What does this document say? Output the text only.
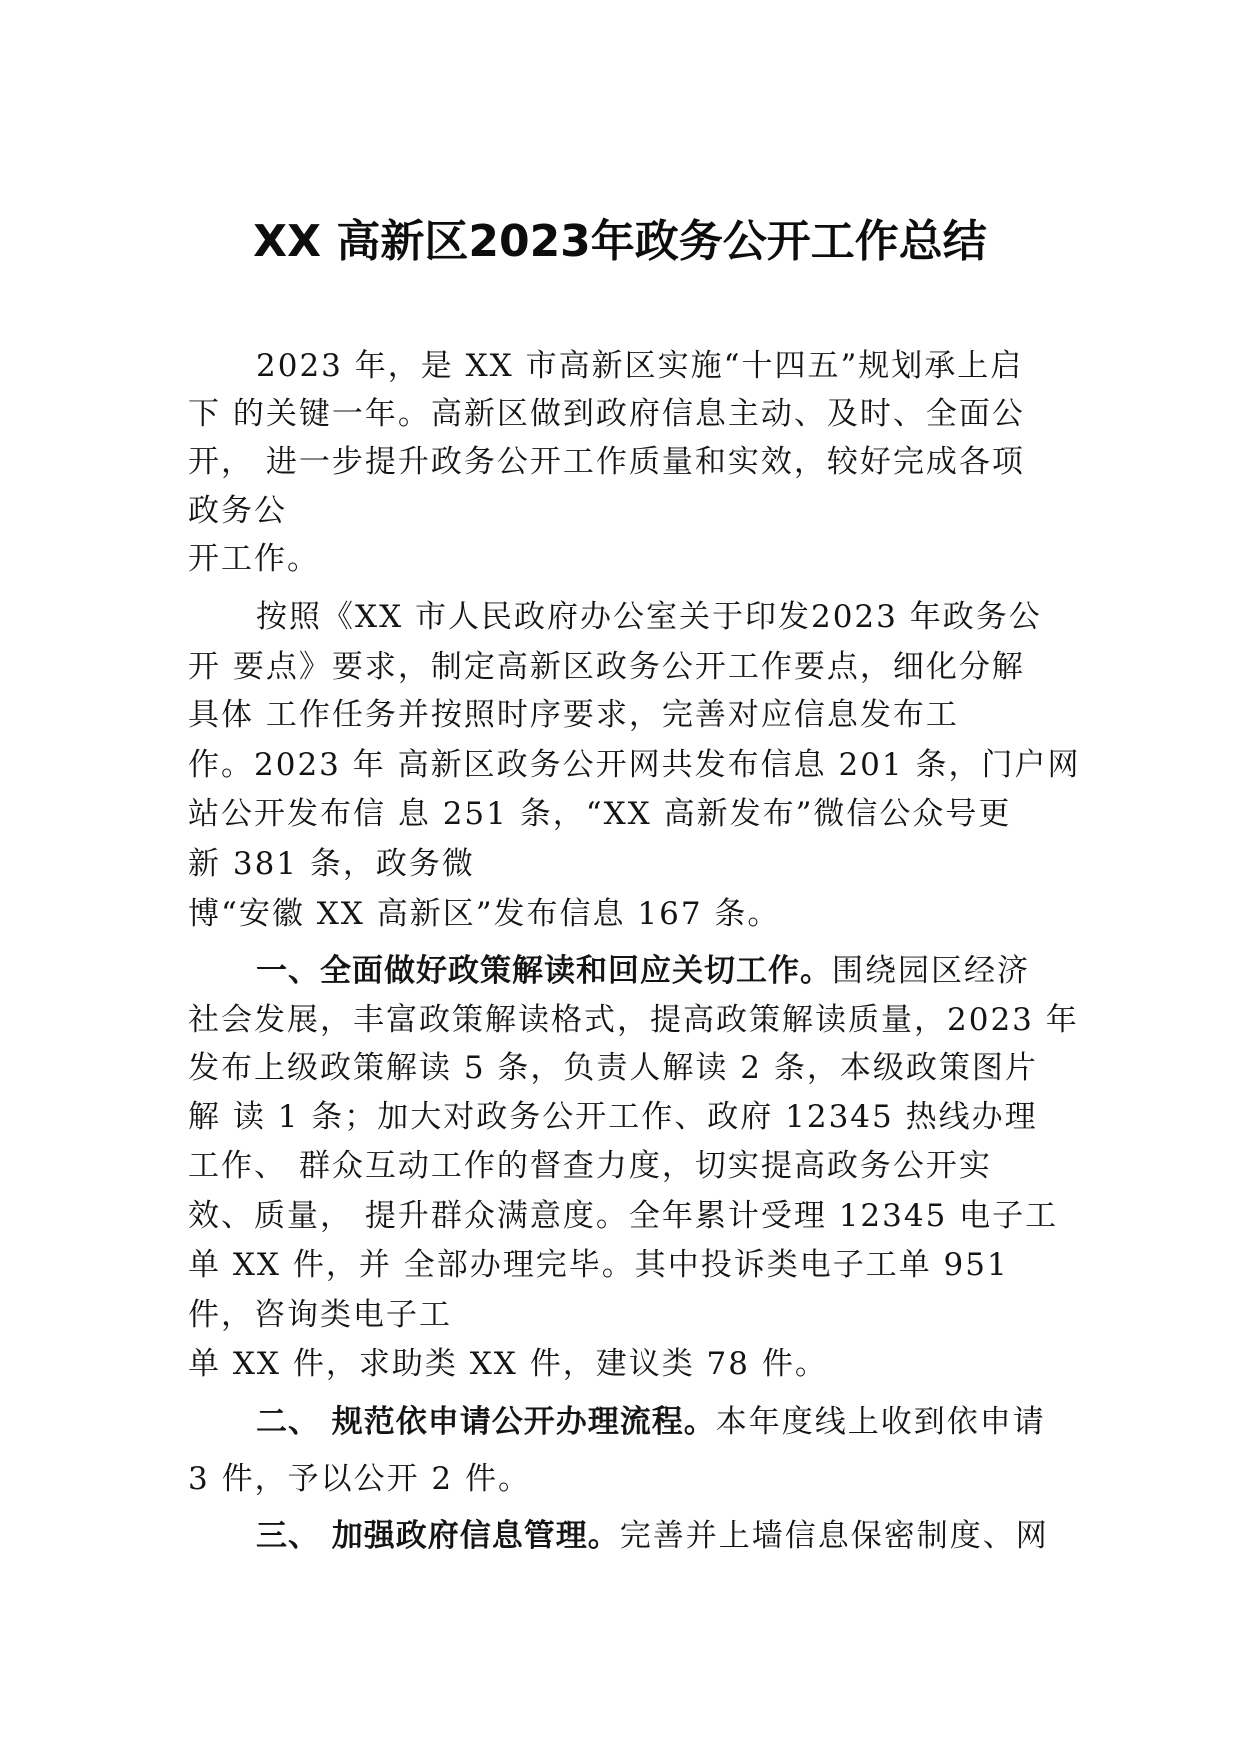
XX 高新区2023年政务公开工作总结
2023 年，是 XX 市高新区实施“十四五”规划承上启
下 的关键一年。高新区做到政府信息主动、及时、全面公
开， 进一步提升政务公开工作质量和实效，较好完成各项
政务公
开工作。
按照《XX 市人民政府办公室关于印发2023 年政务公
开 要点》要求，制定高新区政务公开工作要点，细化分解
具体 工作任务并按照时序要求，完善对应信息发布工
作。2023 年 高新区政务公开网共发布信息 201 条，门户网
站公开发布信 息 251 条，“XX 高新发布”微信公众号更
新 381 条，政务微
博“安徽 XX 高新区”发布信息 167 条。
一、全面做好政策解读和回应关切工作。围绕园区经济
社会发展，丰富政策解读格式，提高政策解读质量，2023 年
发布上级政策解读 5 条，负责人解读 2 条，本级政策图片
解 读 1 条；加大对政务公开工作、政府 12345 热线办理
工作、 群众互动工作的督查力度，切实提高政务公开实
效、质量， 提升群众满意度。全年累计受理 12345 电子工
单 XX 件，并 全部办理完毕。其中投诉类电子工单 951
件，咨询类电子工
单 XX 件，求助类 XX 件，建议类 78 件。
二、 规范依申请公开办理流程。本年度线上收到依申请
3 件，予以公开 2 件。
三、 加强政府信息管理。完善并上墙信息保密制度、网
